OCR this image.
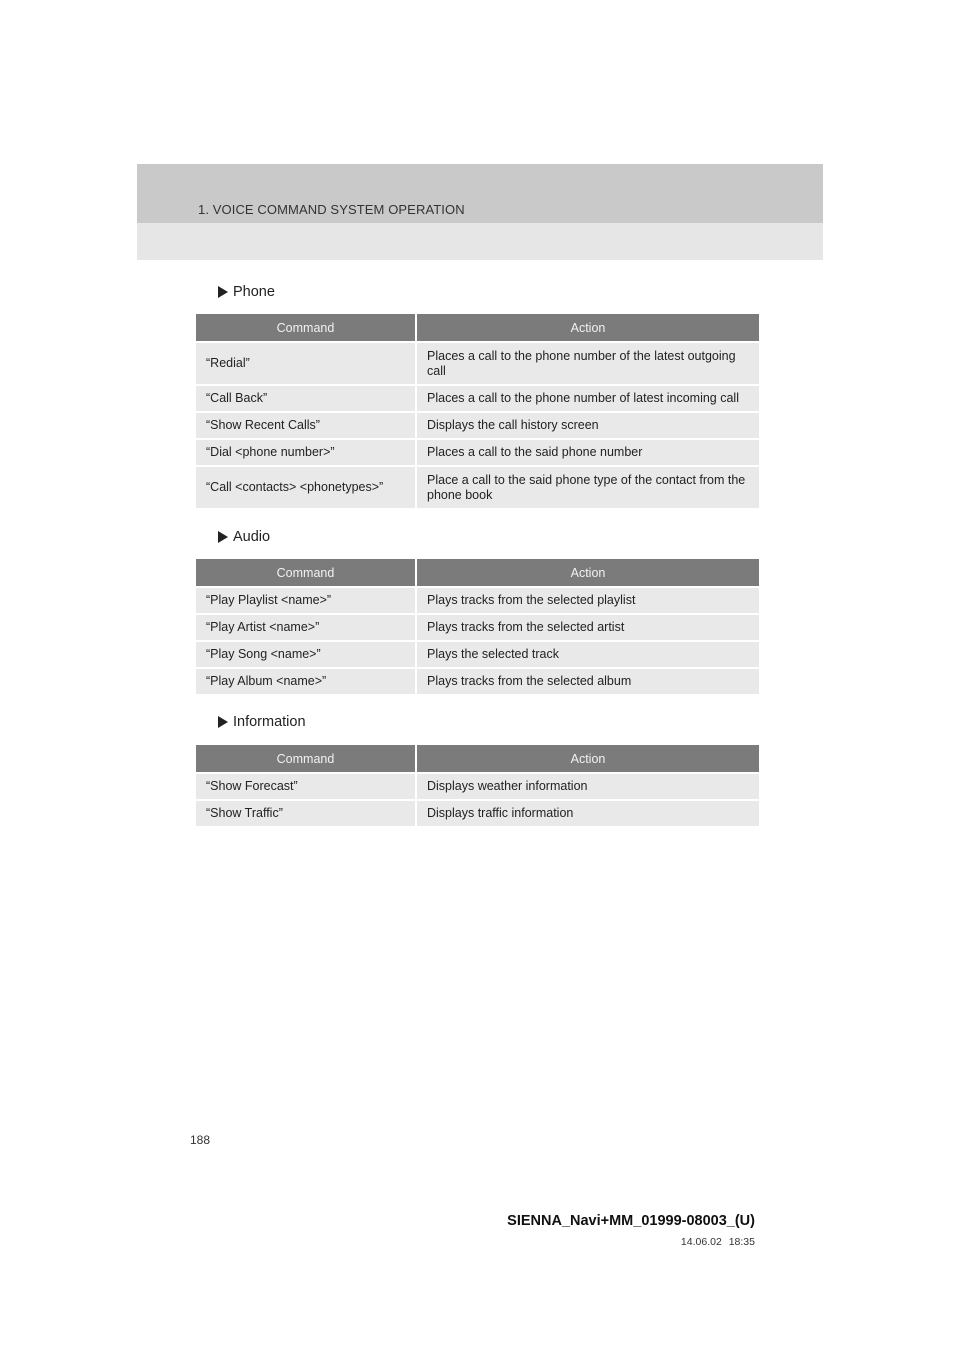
1. VOICE COMMAND SYSTEM OPERATION
Phone
Command	Action
“Redial”	Places a call to the phone number of the latest outgoing call
“Call Back”	Places a call to the phone number of latest incoming call
“Show Recent Calls”	Displays the call history screen
“Dial <phone number>”	Places a call to the said phone number
“Call <contacts> <phonetypes>”	Place a call to the said phone type of the contact from the phone book
Audio
Command	Action
“Play Playlist <name>”	Plays tracks from the selected playlist
“Play Artist <name>”	Plays tracks from the selected artist
“Play Song <name>”	Plays the selected track
“Play Album <name>”	Plays tracks from the selected album
Information
Command	Action
“Show Forecast”	Displays weather information
“Show Traffic”	Displays traffic information
188
SIENNA_Navi+MM_01999-08003_(U)
14.06.02 18:35
